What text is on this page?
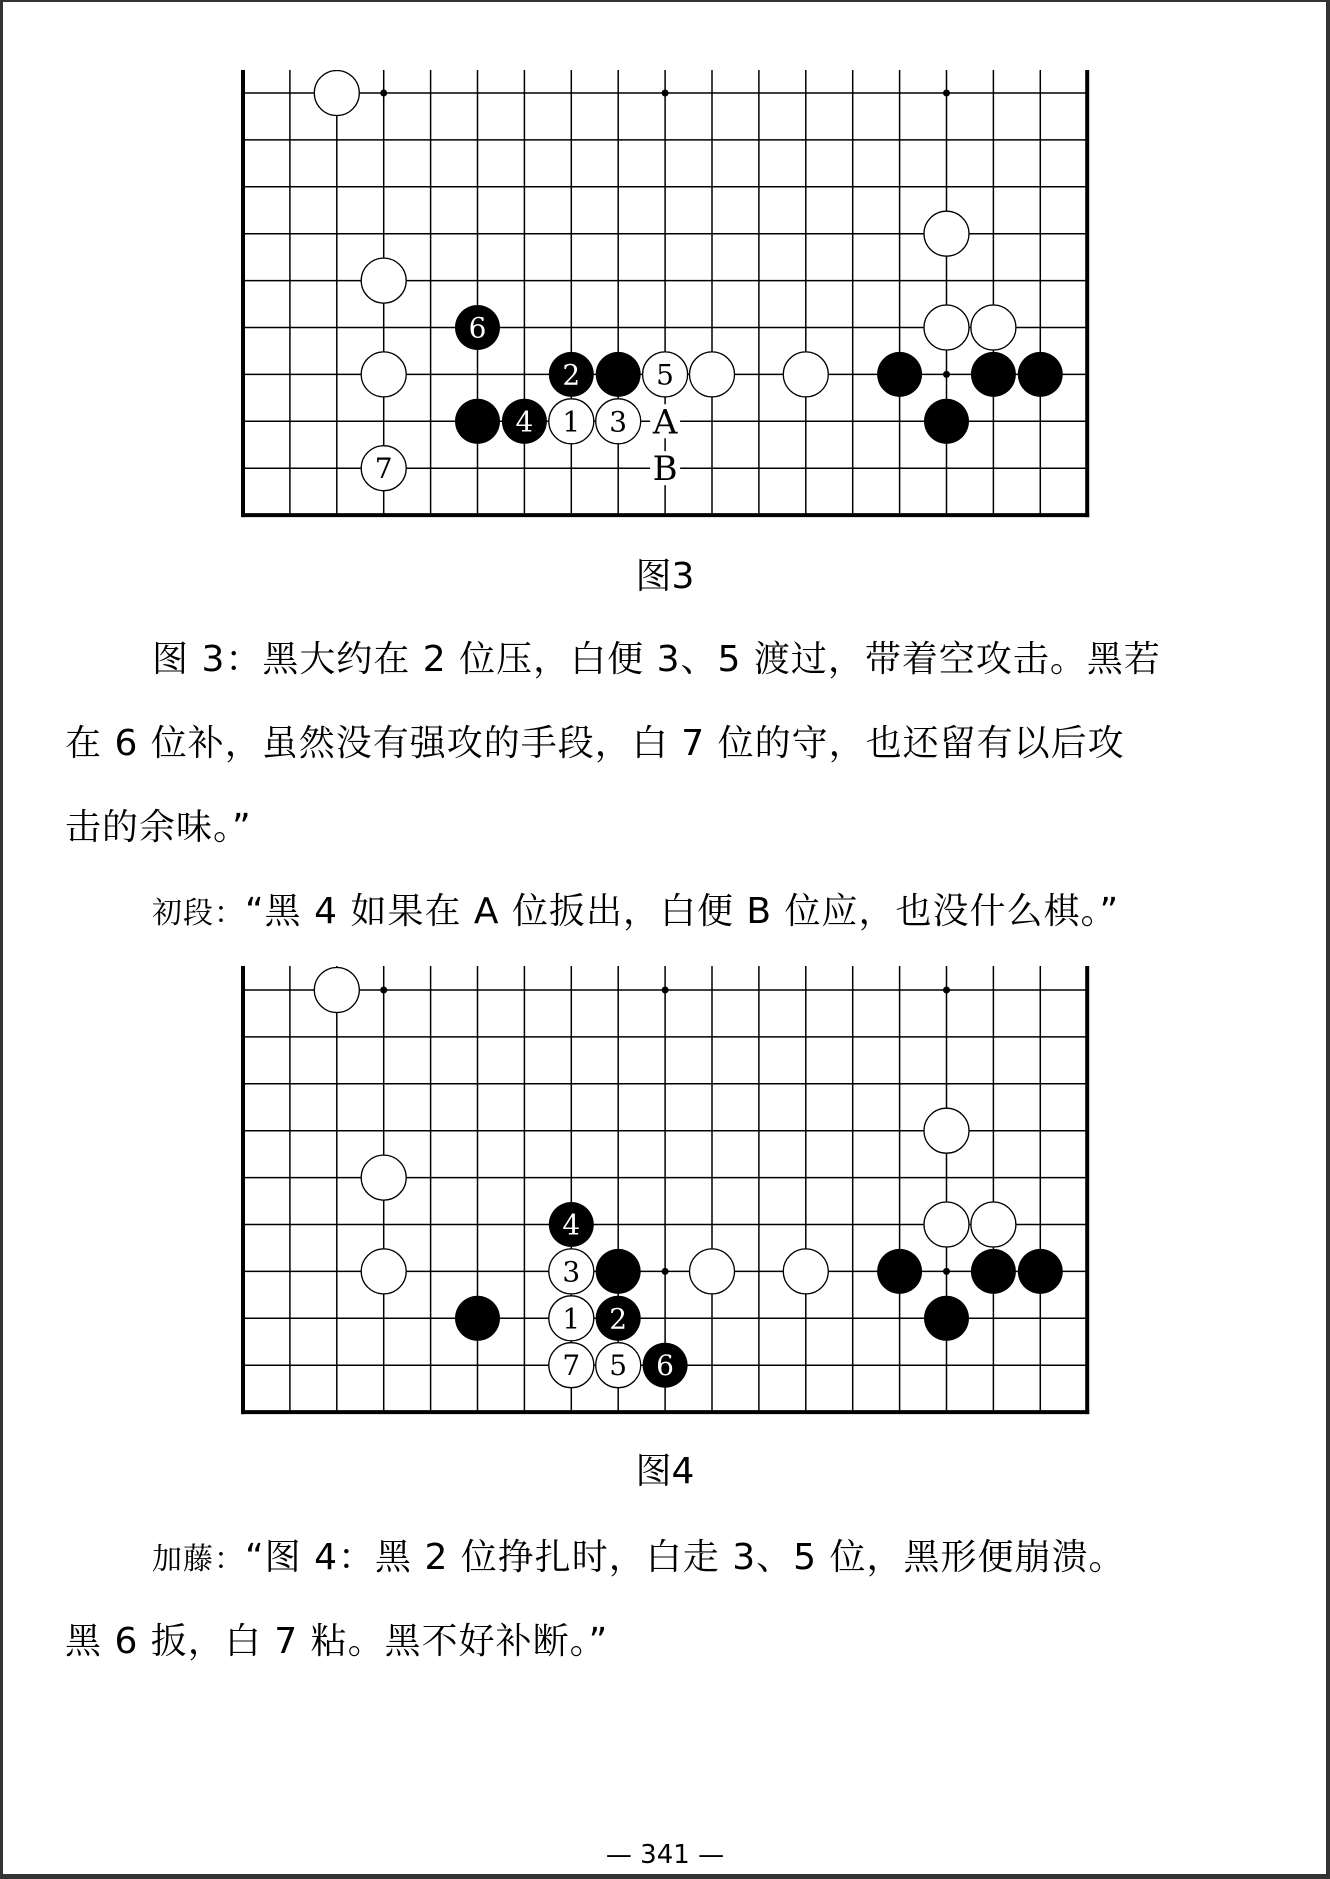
A
B
7
6
4 1 3
2	5
图3
图 3：黑大约在 2 位压，白便 3、5 渡过，带着空攻击。黑若
在 6 位补，虽然没有强攻的手段，白 7 位的守，也还留有以后攻
击的余味。”
初段：“黑 4 如果在 A 位扳出，白便 B 位应，也没什么棋。”
4
3
1 2
7 5 6
图4
加藤：“图 4：黑 2 位挣扎时，白走 3、5 位，黑形便崩溃。
黑 6 扳，白 7 粘。黑不好补断。”
— 341 —
